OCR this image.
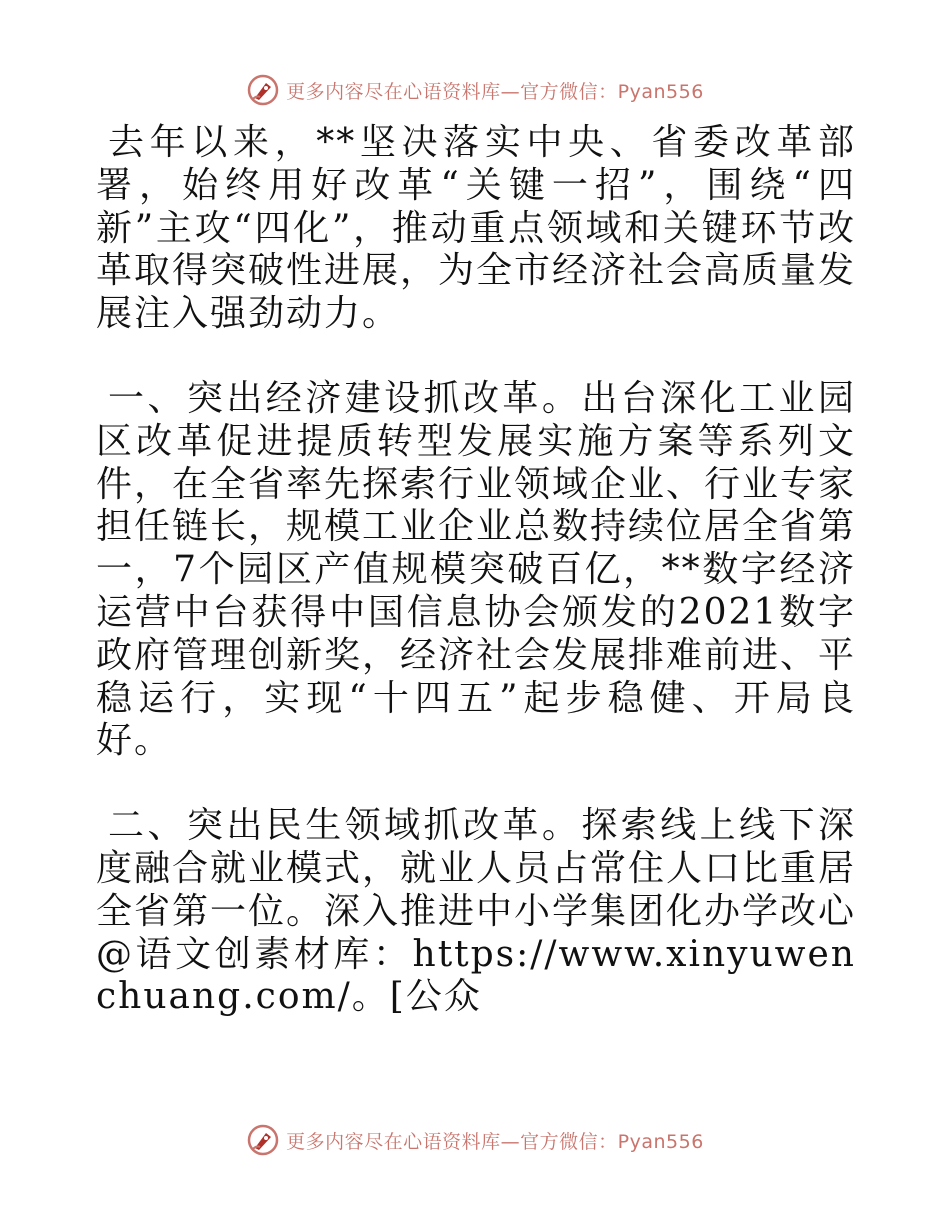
更多内容尽在心语资料库—官方微信：Pyan556

去年以来，**坚决落实中央、省委改革部署，始终用好改革“关键一招”，围绕“四新”主攻“四化”，推动重点领域和关键环节改革取得突破性进展，为全市经济社会高质量发展注入强劲动力。

一、突出经济建设抓改革。出台深化工业园区改革促进提质转型发展实施方案等系列文件，在全省率先探索行业领域企业、行业专家担任链长，规模工业企业总数持续位居全省第一，7个园区产值规模突破百亿，**数字经济运营中台获得中国信息协会颁发的2021数字政府管理创新奖，经济社会发展排难前进、平稳运行，实现“十四五”起步稳健、开局良好。

二、突出民生领域抓改革。探索线上线下深度融合就业模式，就业人员占常住人口比重居全省第一位。深入推进中小学集团化办学改心@语文创素材库：https://www.xinyuwenchuang.com/。[公众

更多内容尽在心语资料库—官方微信：Pyan556
